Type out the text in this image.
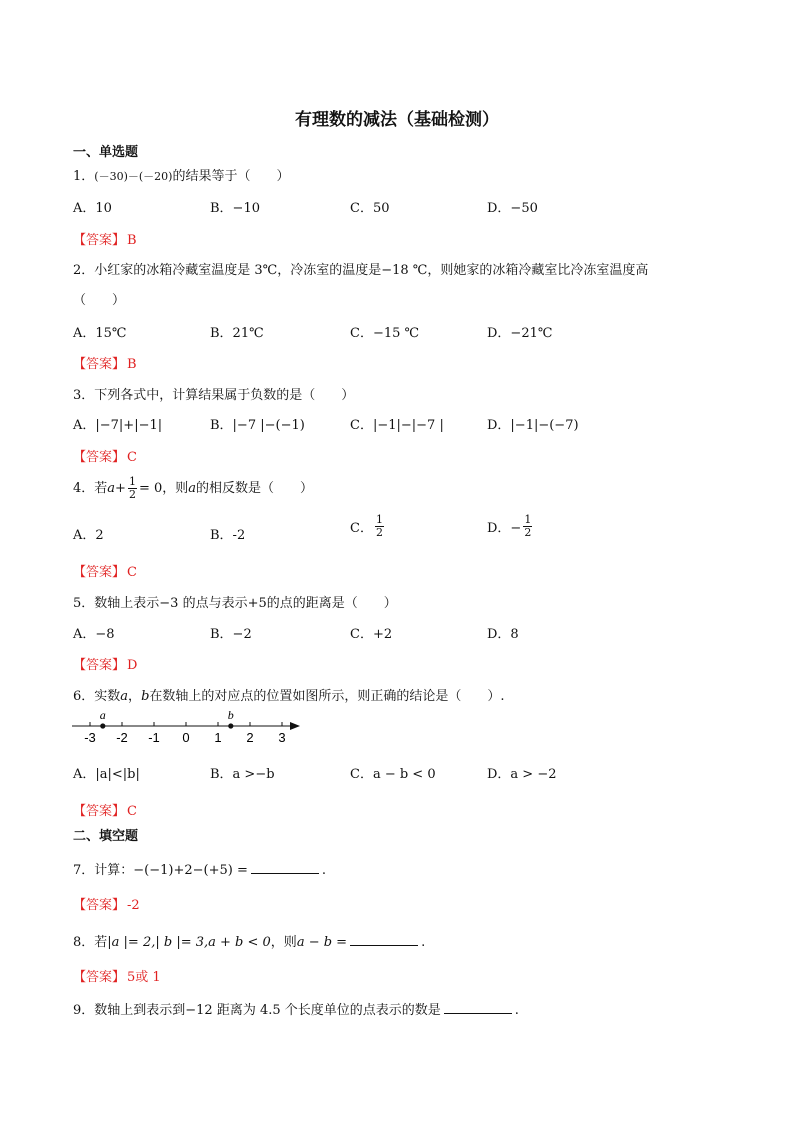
有理数的减法（基础检测）
一、单选题
1．(－30)－(－20)的结果等于（　　）
A．10	B．−10	C．50	D．−50
【答案】 B
2．小红家的冰箱冷藏室温度是 3℃，冷冻室的温度是−18 ℃，则她家的冰箱冷藏室比冷冻室温度高
（　　）
A．15℃	B．21℃	C．−15 ℃	D．−21℃
【答案】 B
3．下列各式中，计算结果属于负数的是（　　）
A．|−7|+|−1|	B．|−7 |−(−1)	C．|−1|−|−7 |	D．|−1|−(−7)
【答案】 C
4．若$a+ \frac{1}{2} = 0$，则a的相反数是（　　）
A．2	B．-2	C． $\frac{1}{2}$	D．− $\frac{1}{2}$
【答案】 C
5．数轴上表示−3 的点与表示+5的点的距离是（　　）
A．−8	B．−2	C．+2	D．8
【答案】 D
6．实数a，b在数轴上的对应点的位置如图所示，则正确的结论是（　　）.
-3 -2 -1 0 1 2 3
a	b
A．|a|<|b|	B．a >−b	C．a − b < 0	D．a > −2
【答案】 C
二、填空题
7．计算：−(−1)+2−(+5) =	.
【答案】 -2
8．若|a |= 2,| b |= 3,a + b < 0，则a − b =	.
【答案】 5或 1
9．数轴上到表示到−12 距离为 4.5 个长度单位的点表示的数是	.
